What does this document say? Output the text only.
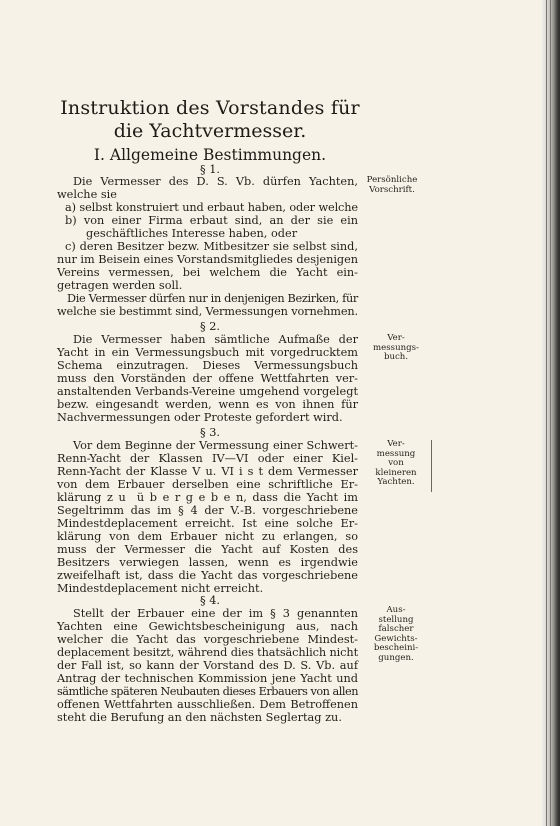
Instruktion des Vorstandes für
die Yachtvermesser.
I. Allgemeine Bestimmungen.
§ 1.
Persönliche
Vorschrift.
Die Vermesser des D. S. Vb. dürfen Yachten,
welche sie
a) selbst konstruiert und erbaut haben, oder welche
b) von einer Firma erbaut sind, an der sie ein
geschäftliches Interesse haben, oder
c) deren Besitzer bezw. Mitbesitzer sie selbst sind,
nur im Beisein eines Vorstandsmitgliedes desjenigen
Vereins vermessen, bei welchem die Yacht ein-
getragen werden soll.
Die Vermesser dürfen nur in denjenigen Bezirken, für
welche sie bestimmt sind, Vermessungen vornehmen.
§ 2.
Ver-
messungs-
buch.
Die Vermesser haben sämtliche Aufmaße der
Yacht in ein Vermessungsbuch mit vorgedrucktem
Schema einzutragen. Dieses Vermessungsbuch
muss den Vorständen der offene Wettfahrten ver-
anstaltenden Verbands-Vereine umgehend vorgelegt
bezw. eingesandt werden, wenn es von ihnen für
Nachvermessungen oder Proteste gefordert wird.
§ 3.
Ver-
messung
von
kleineren
Yachten.
Vor dem Beginne der Vermessung einer Schwert-
Renn-Yacht der Klassen IV—VI oder einer Kiel-
Renn-Yacht der Klasse V u. VI i s t dem Vermesser
von dem Erbauer derselben eine schriftliche Er-
klärung z u  ü b e r g e b e n, dass die Yacht im
Segeltrimm das im § 4 der V.-B. vorgeschriebene
Mindestdeplacement erreicht. Ist eine solche Er-
klärung von dem Erbauer nicht zu erlangen, so
muss der Vermesser die Yacht auf Kosten des
Besitzers verwiegen lassen, wenn es irgendwie
zweifelhaft ist, dass die Yacht das vorgeschriebene
Mindestdeplacement nicht erreicht.
§ 4.
Aus-
stellung
falscher
Gewichts-
bescheini-
gungen.
Stellt der Erbauer eine der im § 3 genannten
Yachten eine Gewichtsbescheinigung aus, nach
welcher die Yacht das vorgeschriebene Mindest-
deplacement besitzt, während dies thatsächlich nicht
der Fall ist, so kann der Vorstand des D. S. Vb. auf
Antrag der technischen Kommission jene Yacht und
sämtliche späteren Neubauten dieses Erbauers von allen
offenen Wettfahrten ausschließen. Dem Betroffenen
steht die Berufung an den nächsten Seglertag zu.
